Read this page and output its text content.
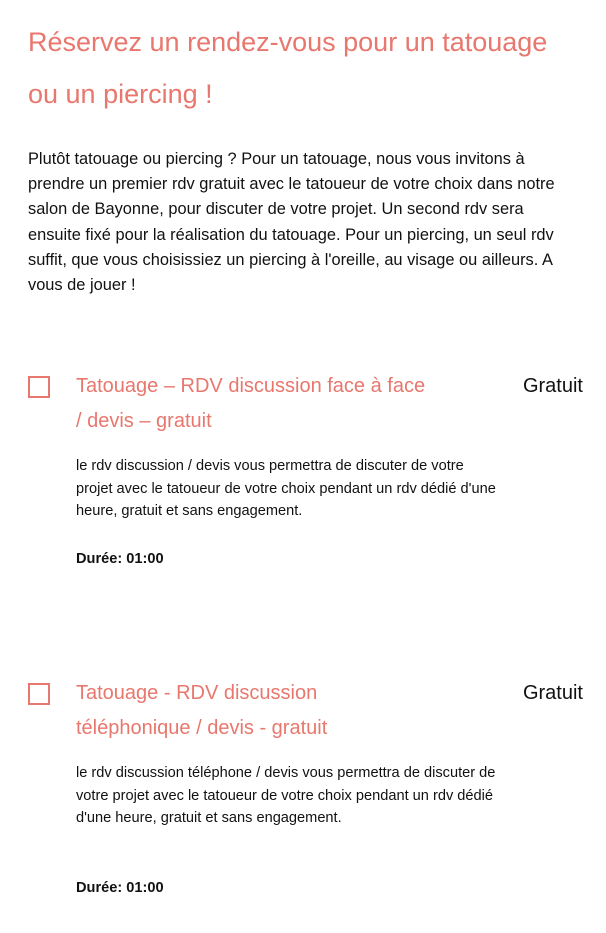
Réservez un rendez-vous pour un tatouage ou un piercing !

Plutôt tatouage ou piercing ? Pour un tatouage, nous vous invitons à prendre un premier rdv gratuit avec le tatoueur de votre choix dans notre salon de Bayonne, pour discuter de votre projet. Un second rdv sera ensuite fixé pour la réalisation du tatouage. Pour un piercing, un seul rdv suffit, que vous choisissiez un piercing à l'oreille, au visage ou ailleurs. A vous de jouer !

Tatouage – RDV discussion face à face / devis – gratuit
Gratuit

le rdv discussion / devis vous permettra de discuter de votre projet avec le tatoueur de votre choix pendant un rdv dédié d'une heure, gratuit et sans engagement.

Durée: 01:00
Tatouage - RDV discussion téléphonique / devis - gratuit
Gratuit

le rdv discussion téléphone / devis vous permettra de discuter de votre projet avec le tatoueur de votre choix pendant un rdv dédié d'une heure, gratuit et sans engagement.

Durée: 01:00
